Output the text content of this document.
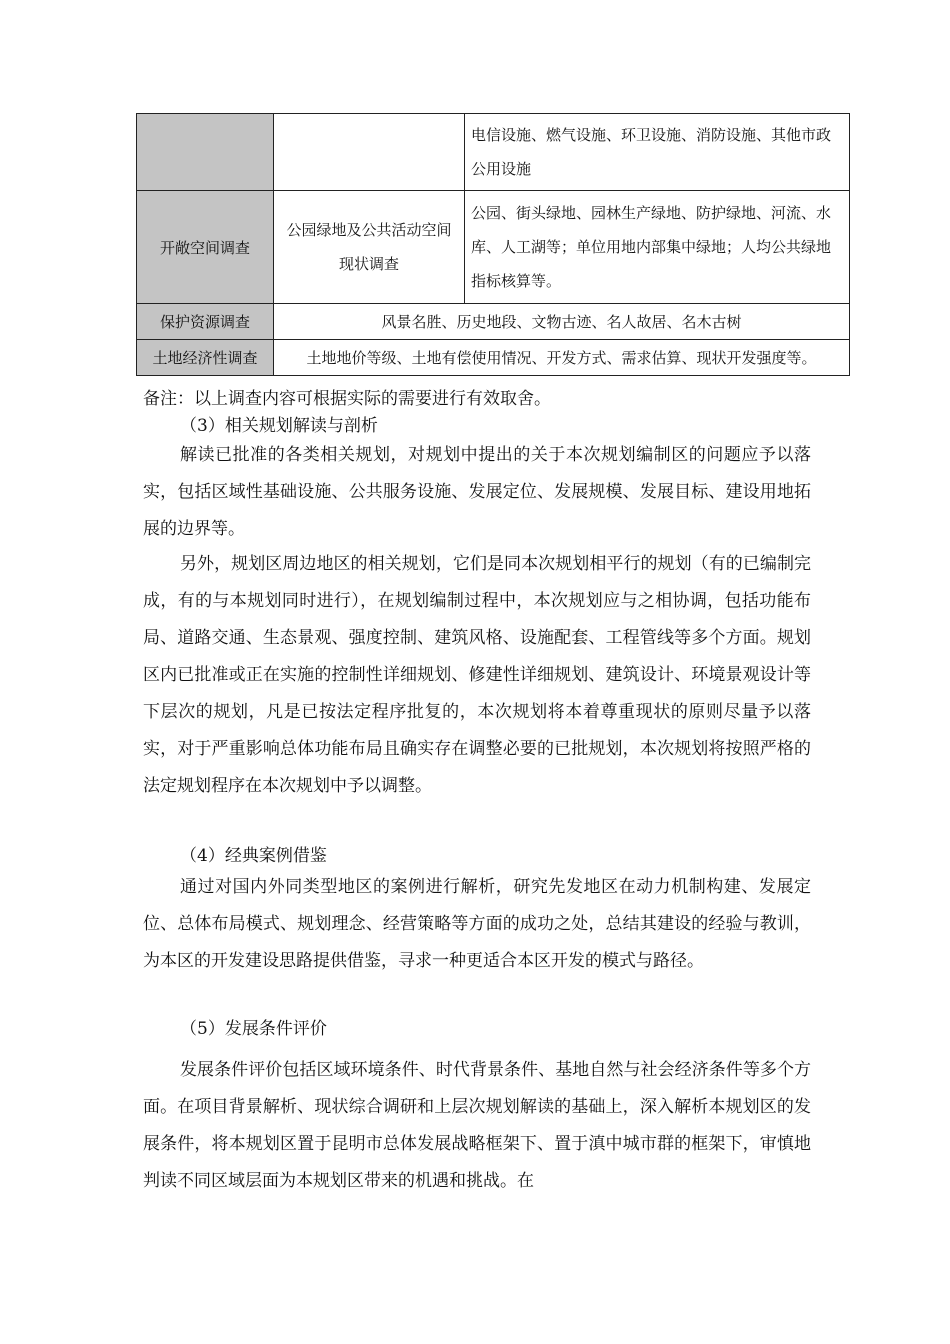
		电信设施、燃气设施、环卫设施、消防设施、其他市政公用设施
开敞空间调查	公园绿地及公共活动空间现状调查	公园、街头绿地、园林生产绿地、防护绿地、河流、水库、人工湖等；单位用地内部集中绿地；人均公共绿地指标核算等。
保护资源调查	风景名胜、历史地段、文物古迹、名人故居、名木古树	
土地经济性调查	土地地价等级、土地有偿使用情况、开发方式、需求估算、现状开发强度等。	
备注：以上调查内容可根据实际的需要进行有效取舍。
（3）相关规划解读与剖析

解读已批准的各类相关规划，对规划中提出的关于本次规划编制区的问题应予以落实，包括区域性基础设施、公共服务设施、发展定位、发展规模、发展目标、建设用地拓展的边界等。

另外，规划区周边地区的相关规划，它们是同本次规划相平行的规划（有的已编制完成，有的与本规划同时进行），在规划编制过程中，本次规划应与之相协调，包括功能布局、道路交通、生态景观、强度控制、建筑风格、设施配套、工程管线等多个方面。规划区内已批准或正在实施的控制性详细规划、修建性详细规划、建筑设计、环境景观设计等下层次的规划，凡是已按法定程序批复的，本次规划将本着尊重现状的原则尽量予以落实，对于严重影响总体功能布局且确实存在调整必要的已批规划，本次规划将按照严格的法定规划程序在本次规划中予以调整。

（4）经典案例借鉴

通过对国内外同类型地区的案例进行解析，研究先发地区在动力机制构建、发展定位、总体布局模式、规划理念、经营策略等方面的成功之处，总结其建设的经验与教训，为本区的开发建设思路提供借鉴，寻求一种更适合本区开发的模式与路径。

（5）发展条件评价

发展条件评价包括区域环境条件、时代背景条件、基地自然与社会经济条件等多个方面。在项目背景解析、现状综合调研和上层次规划解读的基础上，深入解析本规划区的发展条件，将本规划区置于昆明市总体发展战略框架下、置于滇中城市群的框架下，审慎地判读不同区域层面为本规划区带来的机遇和挑战。在
